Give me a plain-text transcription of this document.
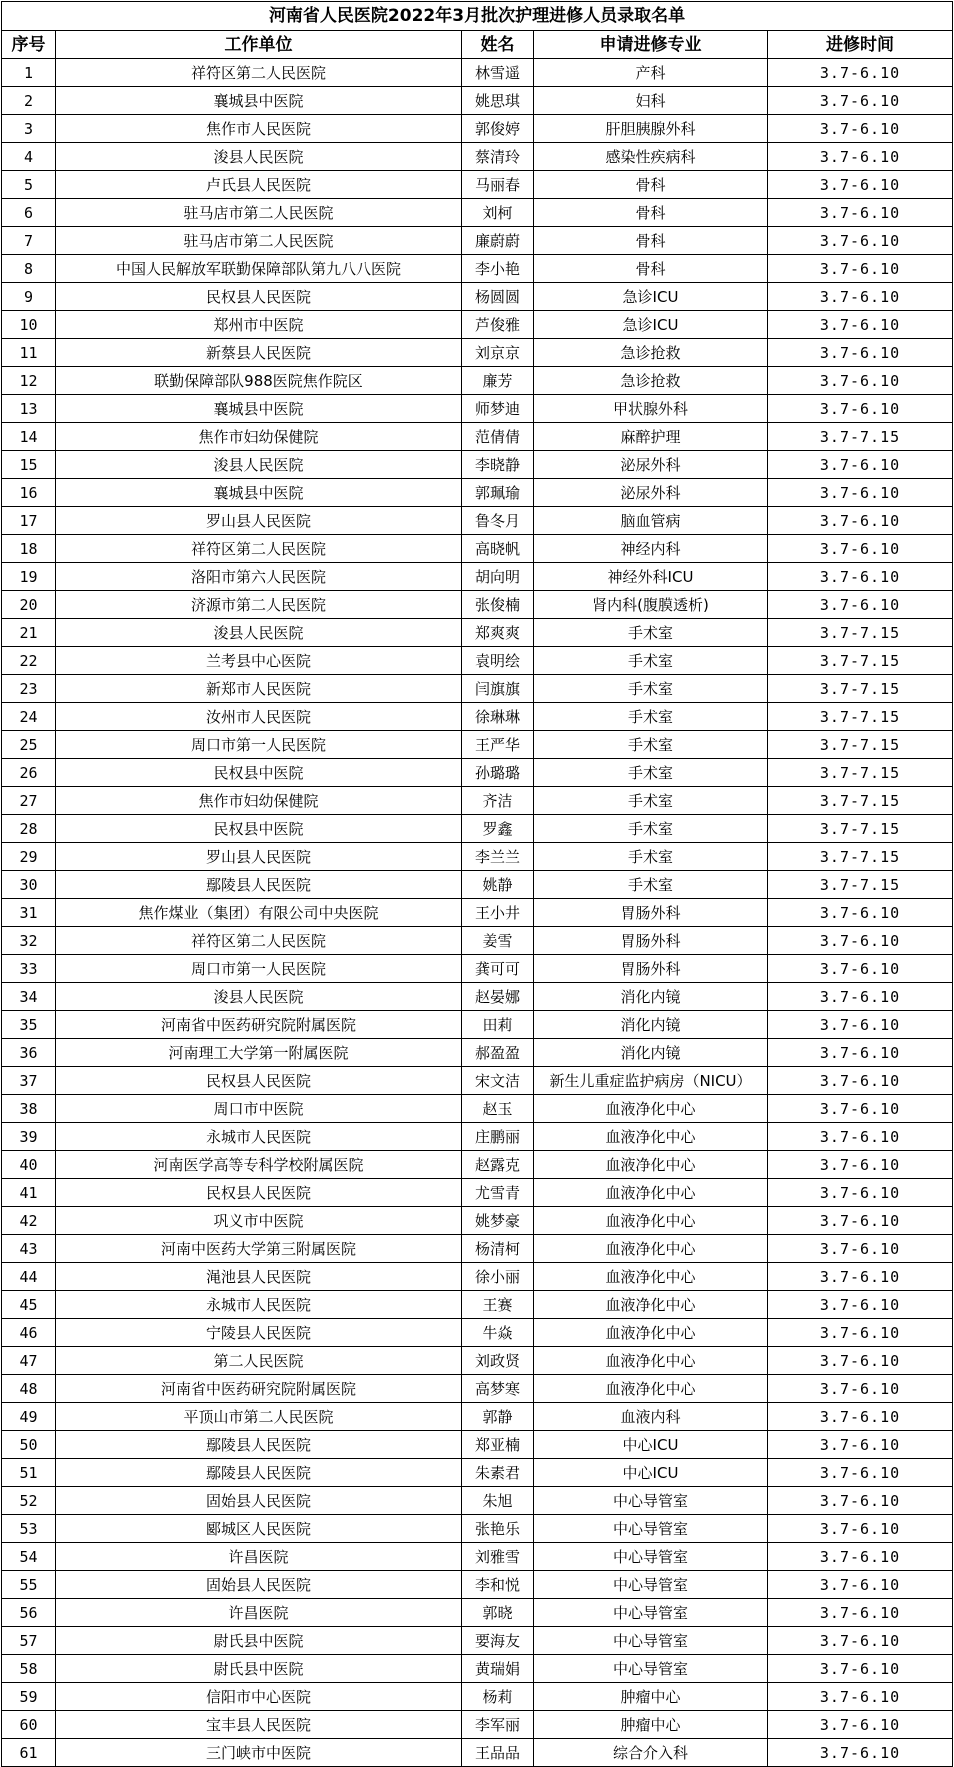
河南省人民医院2022年3月批次护理进修人员录取名单				
序号	工作单位	姓名	申请进修专业	进修时间
1	祥符区第二人民医院	林雪遥	产科	3.7-6.10
2	襄城县中医院	姚思琪	妇科	3.7-6.10
3	焦作市人民医院	郭俊婷	肝胆胰腺外科	3.7-6.10
4	浚县人民医院	蔡清玲	感染性疾病科	3.7-6.10
5	卢氏县人民医院	马丽春	骨科	3.7-6.10
6	驻马店市第二人民医院	刘柯	骨科	3.7-6.10
7	驻马店市第二人民医院	廉蔚蔚	骨科	3.7-6.10
8	中国人民解放军联勤保障部队第九八八医院	李小艳	骨科	3.7-6.10
9	民权县人民医院	杨圆圆	急诊ICU	3.7-6.10
10	郑州市中医院	芦俊雅	急诊ICU	3.7-6.10
11	新蔡县人民医院	刘京京	急诊抢救	3.7-6.10
12	联勤保障部队988医院焦作院区	廉芳	急诊抢救	3.7-6.10
13	襄城县中医院	师梦迪	甲状腺外科	3.7-6.10
14	焦作市妇幼保健院	范倩倩	麻醉护理	3.7-7.15
15	浚县人民医院	李晓静	泌尿外科	3.7-6.10
16	襄城县中医院	郭珮瑜	泌尿外科	3.7-6.10
17	罗山县人民医院	鲁冬月	脑血管病	3.7-6.10
18	祥符区第二人民医院	高晓帆	神经内科	3.7-6.10
19	洛阳市第六人民医院	胡向明	神经外科ICU	3.7-6.10
20	济源市第二人民医院	张俊楠	肾内科(腹膜透析)	3.7-6.10
21	浚县人民医院	郑爽爽	手术室	3.7-7.15
22	兰考县中心医院	袁明绘	手术室	3.7-7.15
23	新郑市人民医院	闫旗旗	手术室	3.7-7.15
24	汝州市人民医院	徐琳琳	手术室	3.7-7.15
25	周口市第一人民医院	王严华	手术室	3.7-7.15
26	民权县中医院	孙璐璐	手术室	3.7-7.15
27	焦作市妇幼保健院	齐洁	手术室	3.7-7.15
28	民权县中医院	罗鑫	手术室	3.7-7.15
29	罗山县人民医院	李兰兰	手术室	3.7-7.15
30	鄢陵县人民医院	姚静	手术室	3.7-7.15
31	焦作煤业（集团）有限公司中央医院	王小井	胃肠外科	3.7-6.10
32	祥符区第二人民医院	姜雪	胃肠外科	3.7-6.10
33	周口市第一人民医院	龚可可	胃肠外科	3.7-6.10
34	浚县人民医院	赵晏娜	消化内镜	3.7-6.10
35	河南省中医药研究院附属医院	田莉	消化内镜	3.7-6.10
36	河南理工大学第一附属医院	郝盈盈	消化内镜	3.7-6.10
37	民权县人民医院	宋文洁	新生儿重症监护病房（NICU）	3.7-6.10
38	周口市中医院	赵玉	血液净化中心	3.7-6.10
39	永城市人民医院	庄鹏丽	血液净化中心	3.7-6.10
40	河南医学高等专科学校附属医院	赵露克	血液净化中心	3.7-6.10
41	民权县人民医院	尤雪青	血液净化中心	3.7-6.10
42	巩义市中医院	姚梦豪	血液净化中心	3.7-6.10
43	河南中医药大学第三附属医院	杨清柯	血液净化中心	3.7-6.10
44	渑池县人民医院	徐小丽	血液净化中心	3.7-6.10
45	永城市人民医院	王赛	血液净化中心	3.7-6.10
46	宁陵县人民医院	牛焱	血液净化中心	3.7-6.10
47	第二人民医院	刘政贤	血液净化中心	3.7-6.10
48	河南省中医药研究院附属医院	高梦寒	血液净化中心	3.7-6.10
49	平顶山市第二人民医院	郭静	血液内科	3.7-6.10
50	鄢陵县人民医院	郑亚楠	中心ICU	3.7-6.10
51	鄢陵县人民医院	朱素君	中心ICU	3.7-6.10
52	固始县人民医院	朱旭	中心导管室	3.7-6.10
53	郾城区人民医院	张艳乐	中心导管室	3.7-6.10
54	许昌医院	刘雅雪	中心导管室	3.7-6.10
55	固始县人民医院	李和悦	中心导管室	3.7-6.10
56	许昌医院	郭晓	中心导管室	3.7-6.10
57	尉氏县中医院	要海友	中心导管室	3.7-6.10
58	尉氏县中医院	黄瑞娟	中心导管室	3.7-6.10
59	信阳市中心医院	杨莉	肿瘤中心	3.7-6.10
60	宝丰县人民医院	李军丽	肿瘤中心	3.7-6.10
61	三门峡市中医院	王品品	综合介入科	3.7-6.10
